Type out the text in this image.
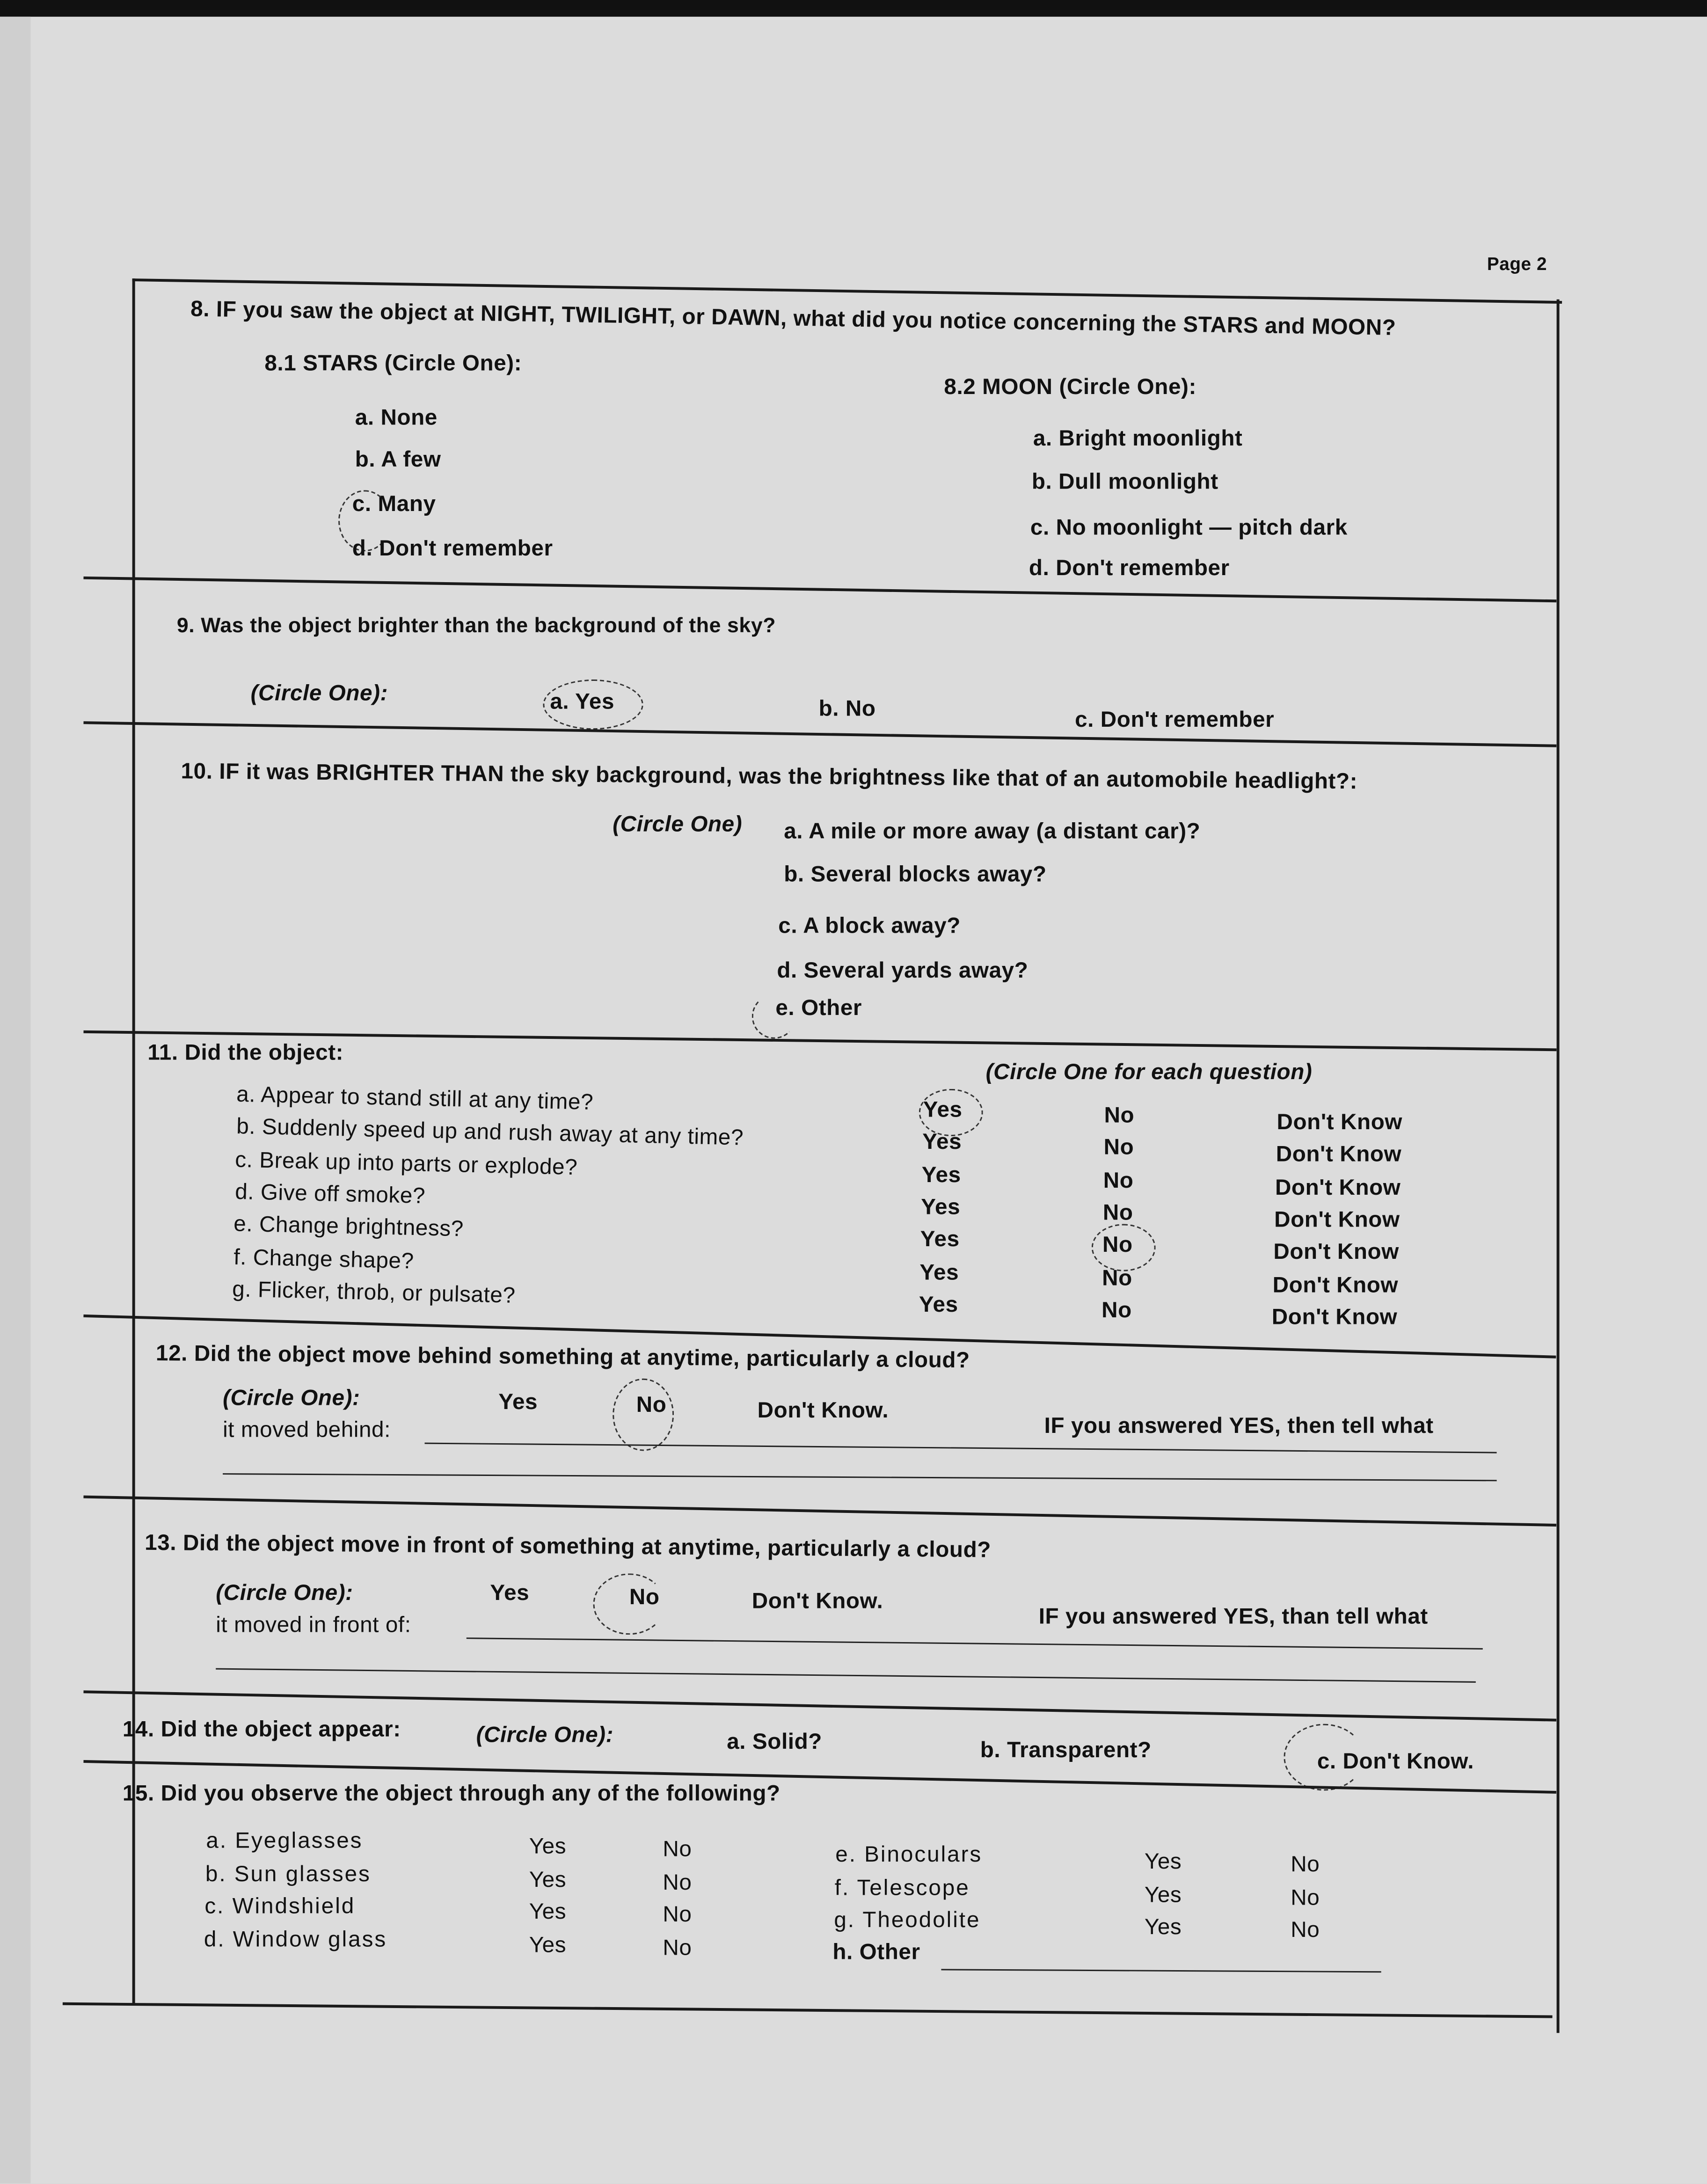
Page 2
8. IF you saw the object at NIGHT, TWILIGHT, or DAWN, what did you notice concerning the STARS and MOON?
8.1 STARS (Circle One):
a. None
b. A few
c. Many
d. Don't remember
8.2 MOON (Circle One):
a. Bright moonlight
b. Dull moonlight
c. No moonlight — pitch dark
d. Don't remember
9. Was the object brighter than the background of the sky?
(Circle One):	a. Yes	b. No	c. Don't remember
10. IF it was BRIGHTER THAN the sky background, was the brightness like that of an automobile headlight?:
(Circle One)	a. A mile or more away (a distant car)?
b. Several blocks away?
c. A block away?
d. Several yards away?
e. Other
11. Did the object:
(Circle One for each question)
a. Appear to stand still at any time?	Yes	No	Don't Know
b. Suddenly speed up and rush away at any time?	Yes	No	Don't Know
c. Break up into parts or explode?	Yes	No	Don't Know
d. Give off smoke?	Yes	No	Don't Know
e. Change brightness?	Yes	No	Don't Know
f. Change shape?	Yes	No	Don't Know
g. Flicker, throb, or pulsate?	Yes	No	Don't Know
12. Did the object move behind something at anytime, particularly a cloud?
(Circle One):	Yes	No	Don't Know.
IF you answered YES, then tell what
it moved behind:
13. Did the object move in front of something at anytime, particularly a cloud?
(Circle One):	Yes	No	Don't Know.
IF you answered YES, than tell what
it moved in front of:
14. Did the object appear:	(Circle One):	a. Solid?	b. Transparent?	c. Don't Know.
15. Did you observe the object through any of the following?
a. Eyeglasses	Yes	No
b. Sun glasses	Yes	No
c. Windshield	Yes	No
d. Window glass	Yes	No
e. Binoculars	Yes	No
f. Telescope	Yes	No
g. Theodolite	Yes	No
h. Other
